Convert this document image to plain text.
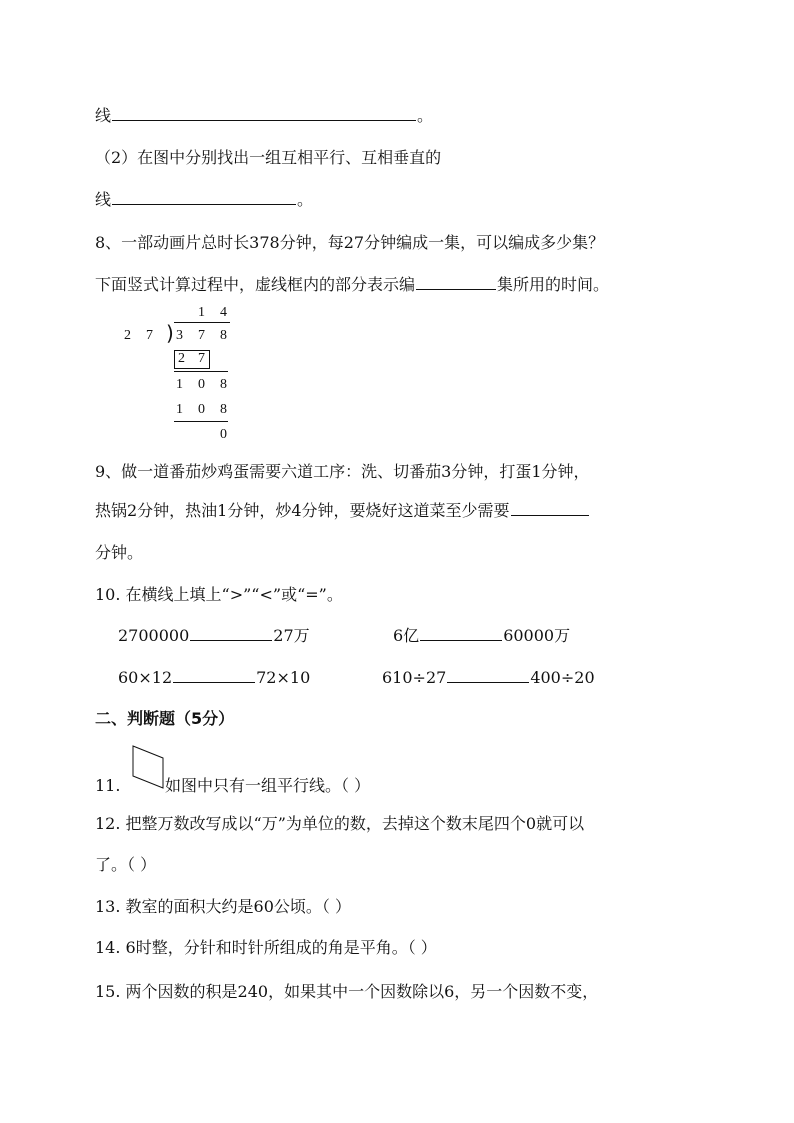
线	。
（2）在图中分别找出一组互相平行、互相垂直的
线	。
8、一部动画片总时长378分钟，每27分钟编成一集，可以编成多少集？
下面竖式计算过程中，虚线框内的部分表示编	集所用的时间。
1 4
2 7 ) 3 7 8
2 7
1 0 8
1 0 8
0
9、做一道番茄炒鸡蛋需要六道工序：洗、切番茄3分钟，打蛋1分钟，
热锅2分钟，热油1分钟，炒4分钟，要烧好这道菜至少需要
分钟。
10. 在横线上填上“>”“<”或“=”。
2700000	27万	6亿	60000万
60×12	72×10	610÷27	400÷20
二、判断题（5分）
11.	如图中只有一组平行线。（ ）
12. 把整万数改写成以“万”为单位的数，去掉这个数末尾四个0就可以
了。（ ）
13. 教室的面积大约是60公顷。（ ）
14. 6时整，分针和时针所组成的角是平角。（ ）
15. 两个因数的积是240，如果其中一个因数除以6，另一个因数不变，
